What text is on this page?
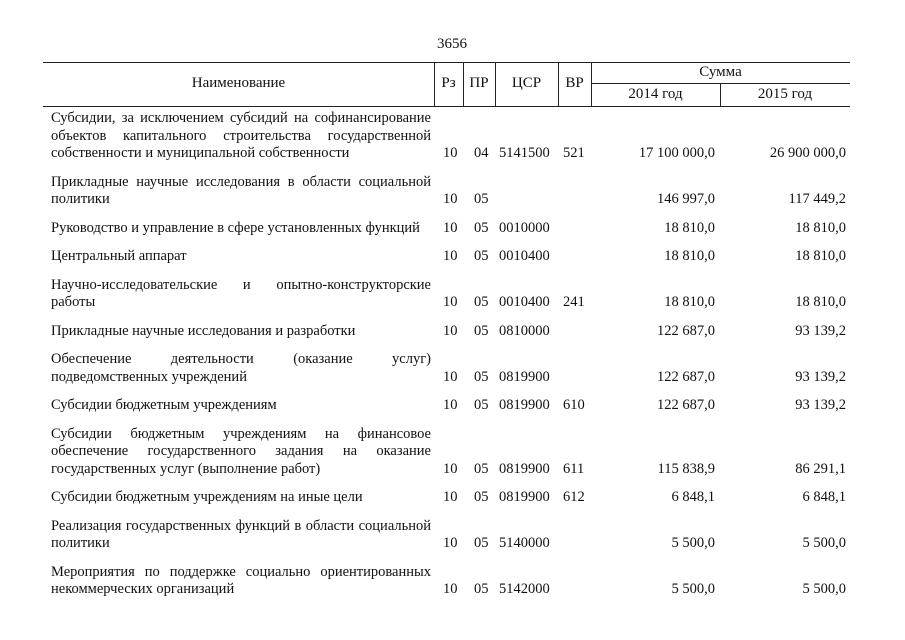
3656
Наименование	Рз ПР	ЦСР	ВР
Сумма
2014 год	2015 год
Субсидии, за исключением субсидий на софинансирование объектов капитального строительства государственной собственности и муниципальной собственности	10 04 5141500 521	17 100 000,0	26 900 000,0
Прикладные научные исследования в области социальной политики	10 05	146 997,0	117 449,2
Руководство и управление в сфере установленных функций	10 05 0010000	18 810,0	18 810,0
Центральный аппарат	10 05 0010400	18 810,0	18 810,0
Научно-исследовательские и опытно-конструкторские работы	10 05 0010400 241	18 810,0	18 810,0
Прикладные научные исследования и разработки	10 05 0810000	122 687,0	93 139,2
Обеспечение деятельности (оказание услуг) подведомственных учреждений	10 05 0819900	122 687,0	93 139,2
Субсидии бюджетным учреждениям	10 05 0819900 610	122 687,0	93 139,2
Субсидии бюджетным учреждениям на финансовое обеспечение государственного задания на оказание государственных услуг (выполнение работ)	10 05 0819900 611	115 838,9	86 291,1
Субсидии бюджетным учреждениям на иные цели	10 05 0819900 612	6 848,1	6 848,1
Реализация государственных функций в области социальной политики	10 05 5140000	5 500,0	5 500,0
Мероприятия по поддержке социально ориентированных некоммерческих организаций	10 05 5142000	5 500,0	5 500,0
